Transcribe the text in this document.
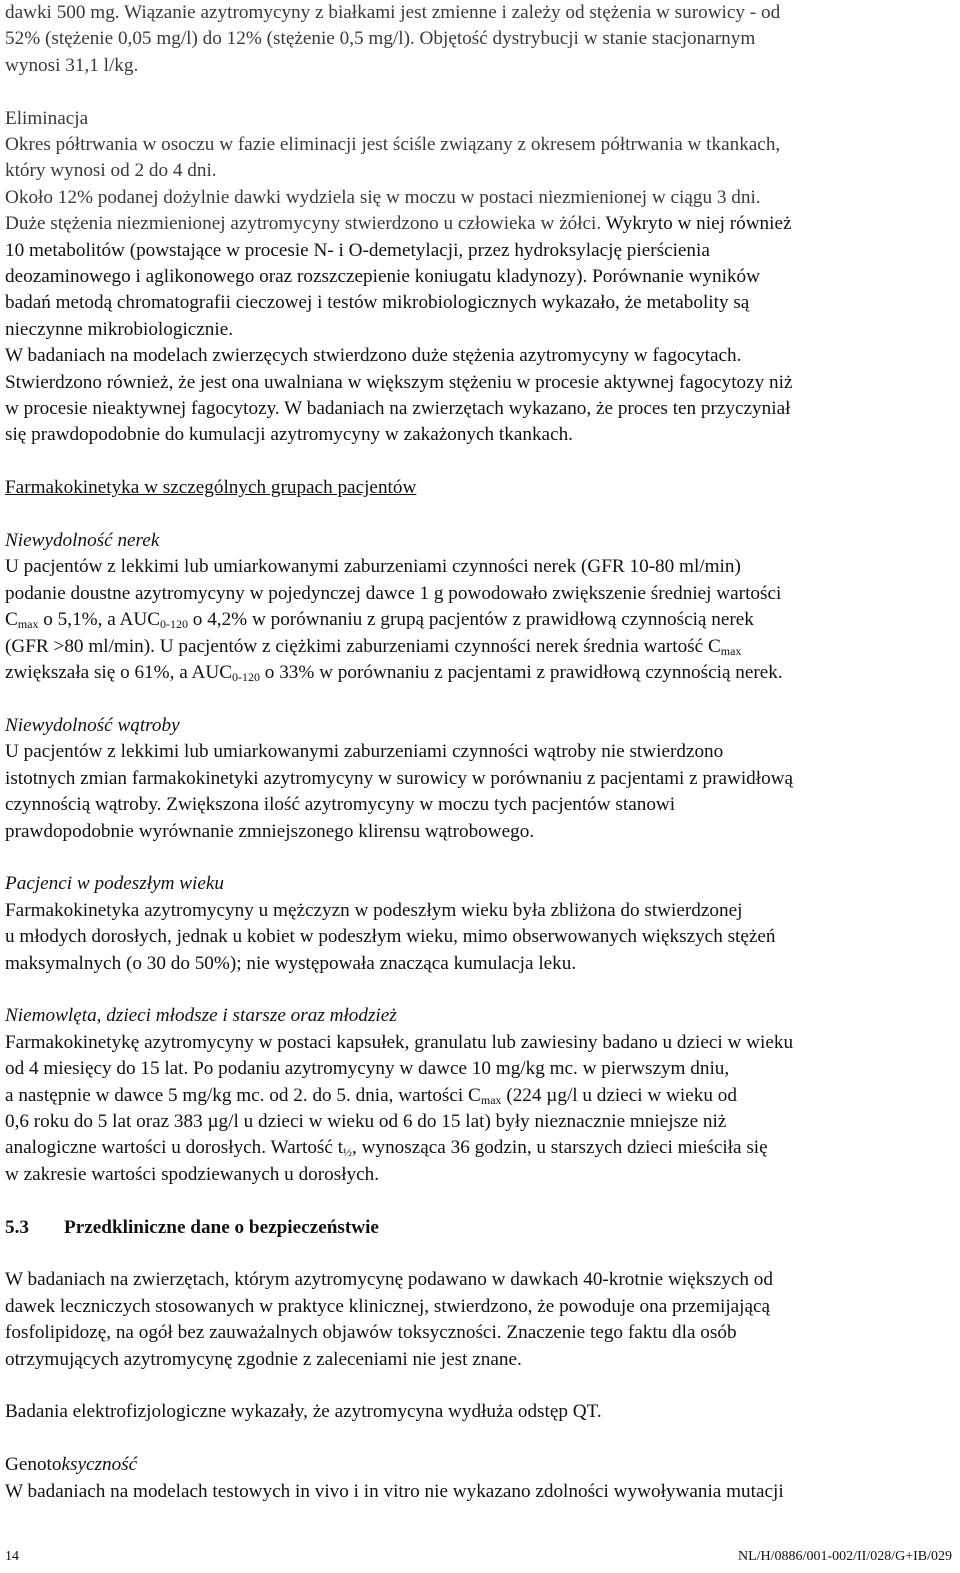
dawki 500 mg. Wiązanie azytromycyny z białkami jest zmienne i zależy od stężenia w surowicy - od

52% (stężenie 0,05 mg/l) do 12% (stężenie 0,5 mg/l). Objętość dystrybucji w stanie stacjonarnym

wynosi 31,1 l/kg.

Eliminacja

Okres półtrwania w osoczu w fazie eliminacji jest ściśle związany z okresem półtrwania w tkankach,

który wynosi od 2 do 4 dni.

Około 12% podanej dożylnie dawki wydziela się w moczu w postaci niezmienionej w ciągu 3 dni.

Duże stężenia niezmienionej azytromycyny stwierdzono u człowieka w żółci. Wykryto w niej również

10 metabolitów (powstające w procesie N- i O-demetylacji, przez hydroksylację pierścienia

deozaminowego i aglikonowego oraz rozszczepienie koniugatu kladynozy). Porównanie wyników

badań metodą chromatografii cieczowej i testów mikrobiologicznych wykazało, że metabolity są

nieczynne mikrobiologicznie.

W badaniach na modelach zwierzęcych stwierdzono duże stężenia azytromycyny w fagocytach.

Stwierdzono również, że jest ona uwalniana w większym stężeniu w procesie aktywnej fagocytozy niż

w procesie nieaktywnej fagocytozy. W badaniach na zwierzętach wykazano, że proces ten przyczyniał

się prawdopodobnie do kumulacji azytromycyny w zakażonych tkankach.

Farmakokinetyka w szczególnych grupach pacjentów

Niewydolność nerek

U pacjentów z lekkimi lub umiarkowanymi zaburzeniami czynności nerek (GFR 10-80 ml/min)

podanie doustne azytromycyny w pojedynczej dawce 1 g powodowało zwiększenie średniej wartości

$C_{max}$ o 5,1%, a $AUC_{0-120}$ o 4,2% w porównaniu z grupą pacjentów z prawidłową czynnością nerek

(GFR >80 ml/min). U pacjentów z ciężkimi zaburzeniami czynności nerek średnia wartość $C_{max}$

zwiększała się o 61%, a $AUC_{0-120}$ o 33% w porównaniu z pacjentami z prawidłową czynnością nerek.

Niewydolność wątroby

U pacjentów z lekkimi lub umiarkowanymi zaburzeniami czynności wątroby nie stwierdzono

istotnych zmian farmakokinetyki azytromycyny w surowicy w porównaniu z pacjentami z prawidłową

czynnością wątroby. Zwiększona ilość azytromycyny w moczu tych pacjentów stanowi

prawdopodobnie wyrównanie zmniejszonego klirensu wątrobowego.

Pacjenci w podeszłym wieku

Farmakokinetyka azytromycyny u mężczyzn w podeszłym wieku była zbliżona do stwierdzonej

u młodych dorosłych, jednak u kobiet w podeszłym wieku, mimo obserwowanych większych stężeń

maksymalnych (o 30 do 50%); nie występowała znacząca kumulacja leku.

Niemowlęta, dzieci młodsze i starsze oraz młodzież

Farmakokinetykę azytromycyny w postaci kapsułek, granulatu lub zawiesiny badano u dzieci w wieku

od 4 miesięcy do 15 lat. Po podaniu azytromycyny w dawce 10 mg/kg mc. w pierwszym dniu,

a następnie w dawce 5 mg/kg mc. od 2. do 5. dnia, wartości $C_{max}$ (224 µg/l u dzieci w wieku od

0,6 roku do 5 lat oraz 383 µg/l u dzieci w wieku od 6 do 15 lat) były nieznacznie mniejsze niż

analogiczne wartości u dorosłych. Wartość $t_{\frac{1}{2}}$, wynosząca 36 godzin, u starszych dzieci mieściła się

w zakresie wartości spodziewanych u dorosłych.

5.3 Przedkliniczne dane o bezpieczeństwie

W badaniach na zwierzętach, którym azytromycynę podawano w dawkach 40-krotnie większych od

dawek leczniczych stosowanych w praktyce klinicznej, stwierdzono, że powoduje ona przemijającą

fosfolipidozę, na ogół bez zauważalnych objawów toksyczności. Znaczenie tego faktu dla osób

otrzymujących azytromycynę zgodnie z zaleceniami nie jest znane.

Badania elektrofizjologiczne wykazały, że azytromycyna wydłuża odstęp QT.

Genotoksyczność

W badaniach na modelach testowych in vivo i in vitro nie wykazano zdolności wywoływania mutacji

14	NL/H/0886/001-002/II/028/G+IB/029
